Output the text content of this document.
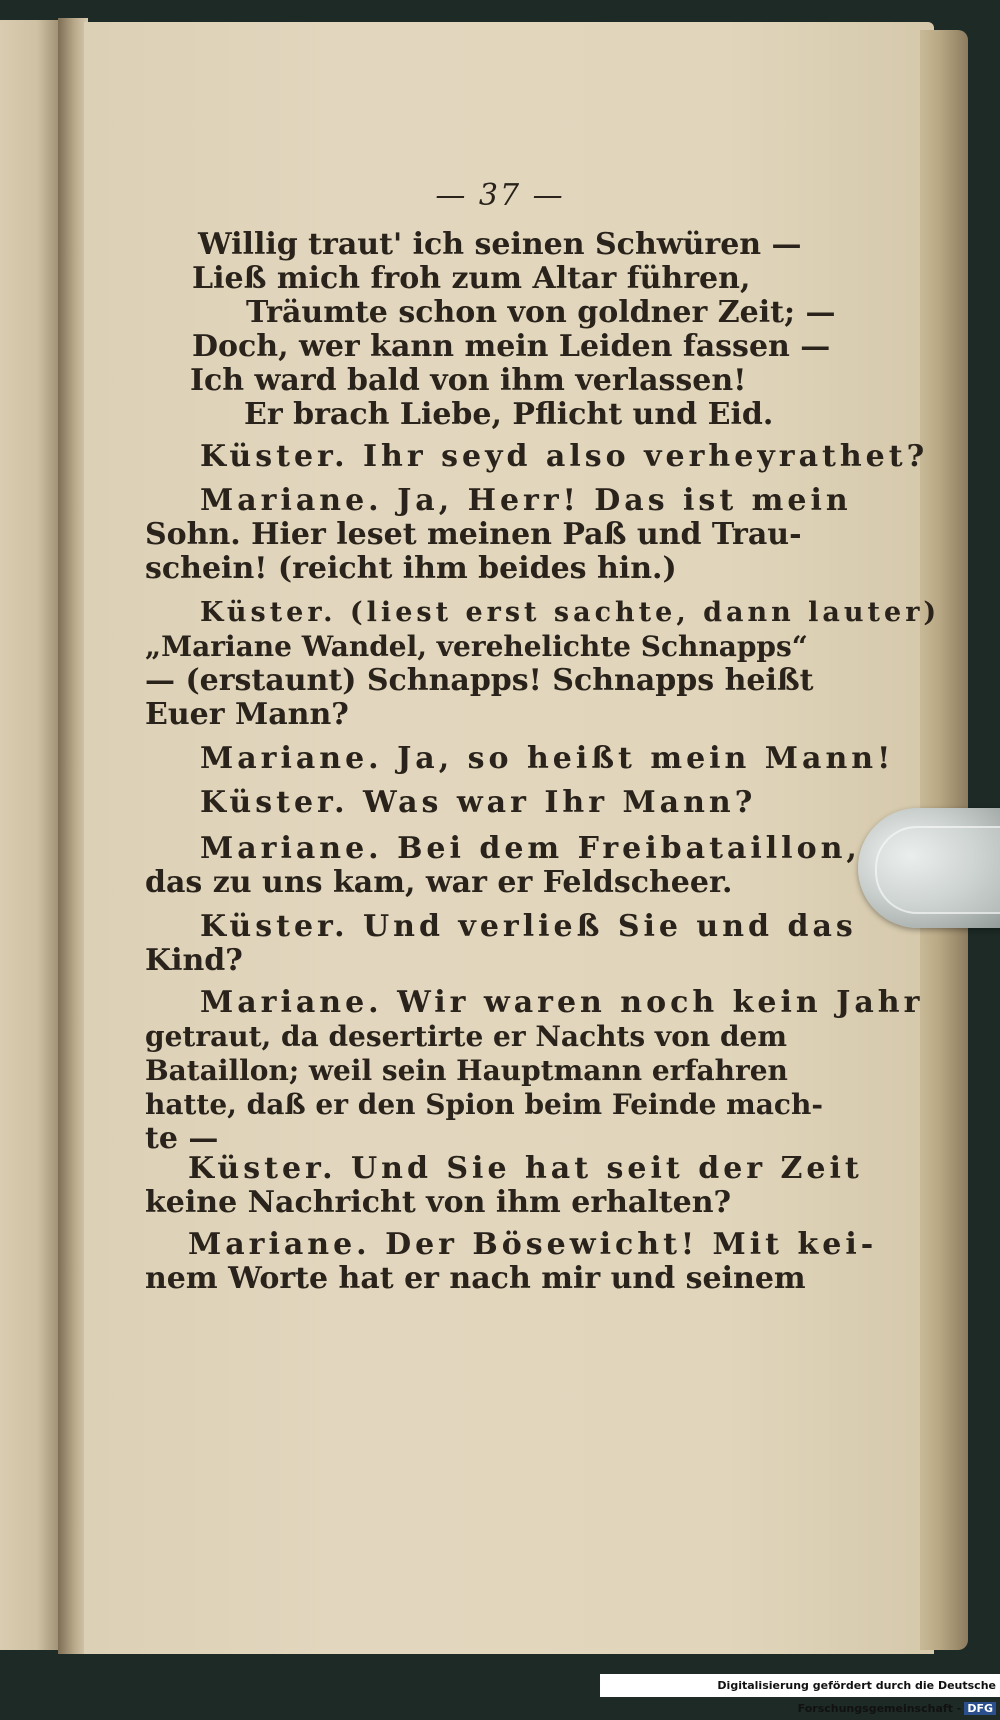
— 37 —
Willig traut' ich seinen Schwüren —
Ließ mich froh zum Altar führen,
Träumte schon von goldner Zeit; —
Doch, wer kann mein Leiden fassen —
Ich ward bald von ihm verlassen!
Er brach Liebe, Pflicht und Eid.
Küster. Ihr seyd also verheyrathet?
Mariane. Ja, Herr! Das ist mein
Sohn. Hier leset meinen Paß und Trau-
schein! (reicht ihm beides hin.)
Küster. (liest erst sachte, dann lauter)
„Mariane Wandel, verehelichte Schnapps“
— (erstaunt) Schnapps! Schnapps heißt
Euer Mann?
Mariane. Ja, so heißt mein Mann!
Küster. Was war Ihr Mann?
Mariane. Bei dem Freibataillon,
das zu uns kam, war er Feldscheer.
Küster. Und verließ Sie und das
Kind?
Mariane. Wir waren noch kein Jahr
getraut, da desertirte er Nachts von dem
Bataillon; weil sein Hauptmann erfahren
hatte, daß er den Spion beim Feinde mach-
te —
Küster. Und Sie hat seit der Zeit
keine Nachricht von ihm erhalten?
Mariane. Der Bösewicht! Mit kei-
nem Worte hat er nach mir und seinem
Digitalisierung gefördert durch die Deutsche Forschungsgemeinschaft - DFG
